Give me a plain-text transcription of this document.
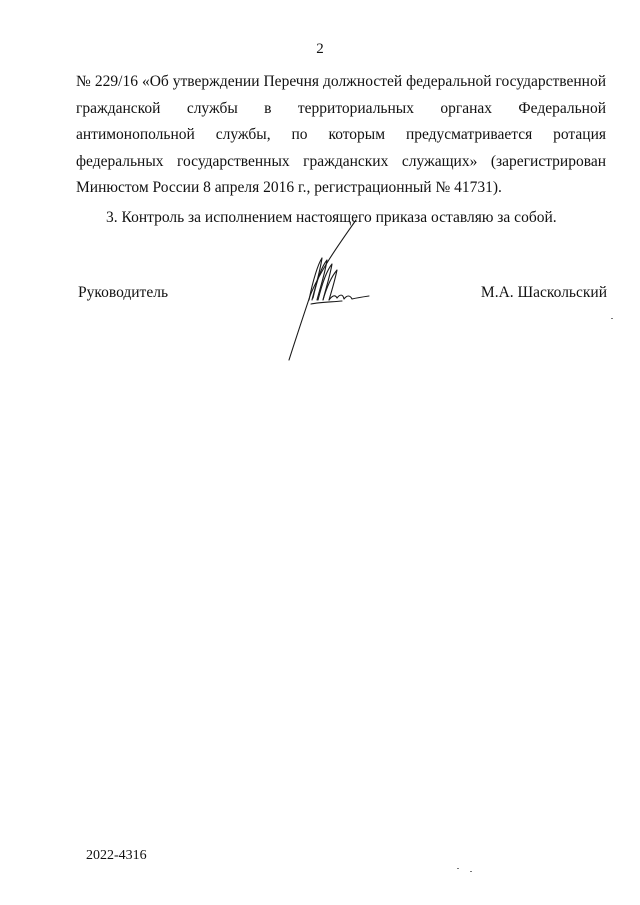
2

№ 229/16 «Об утверждении Перечня должностей федеральной государственной гражданской службы в территориальных органах Федеральной антимонопольной службы, по которым предусматривается ротация федеральных государственных гражданских служащих» (зарегистрирован Минюстом России 8 апреля 2016 г., регистрационный № 41731).

3. Контроль за исполнением настоящего приказа оставляю за собой.

Руководитель	М.А. Шаскольский
2022-4316
